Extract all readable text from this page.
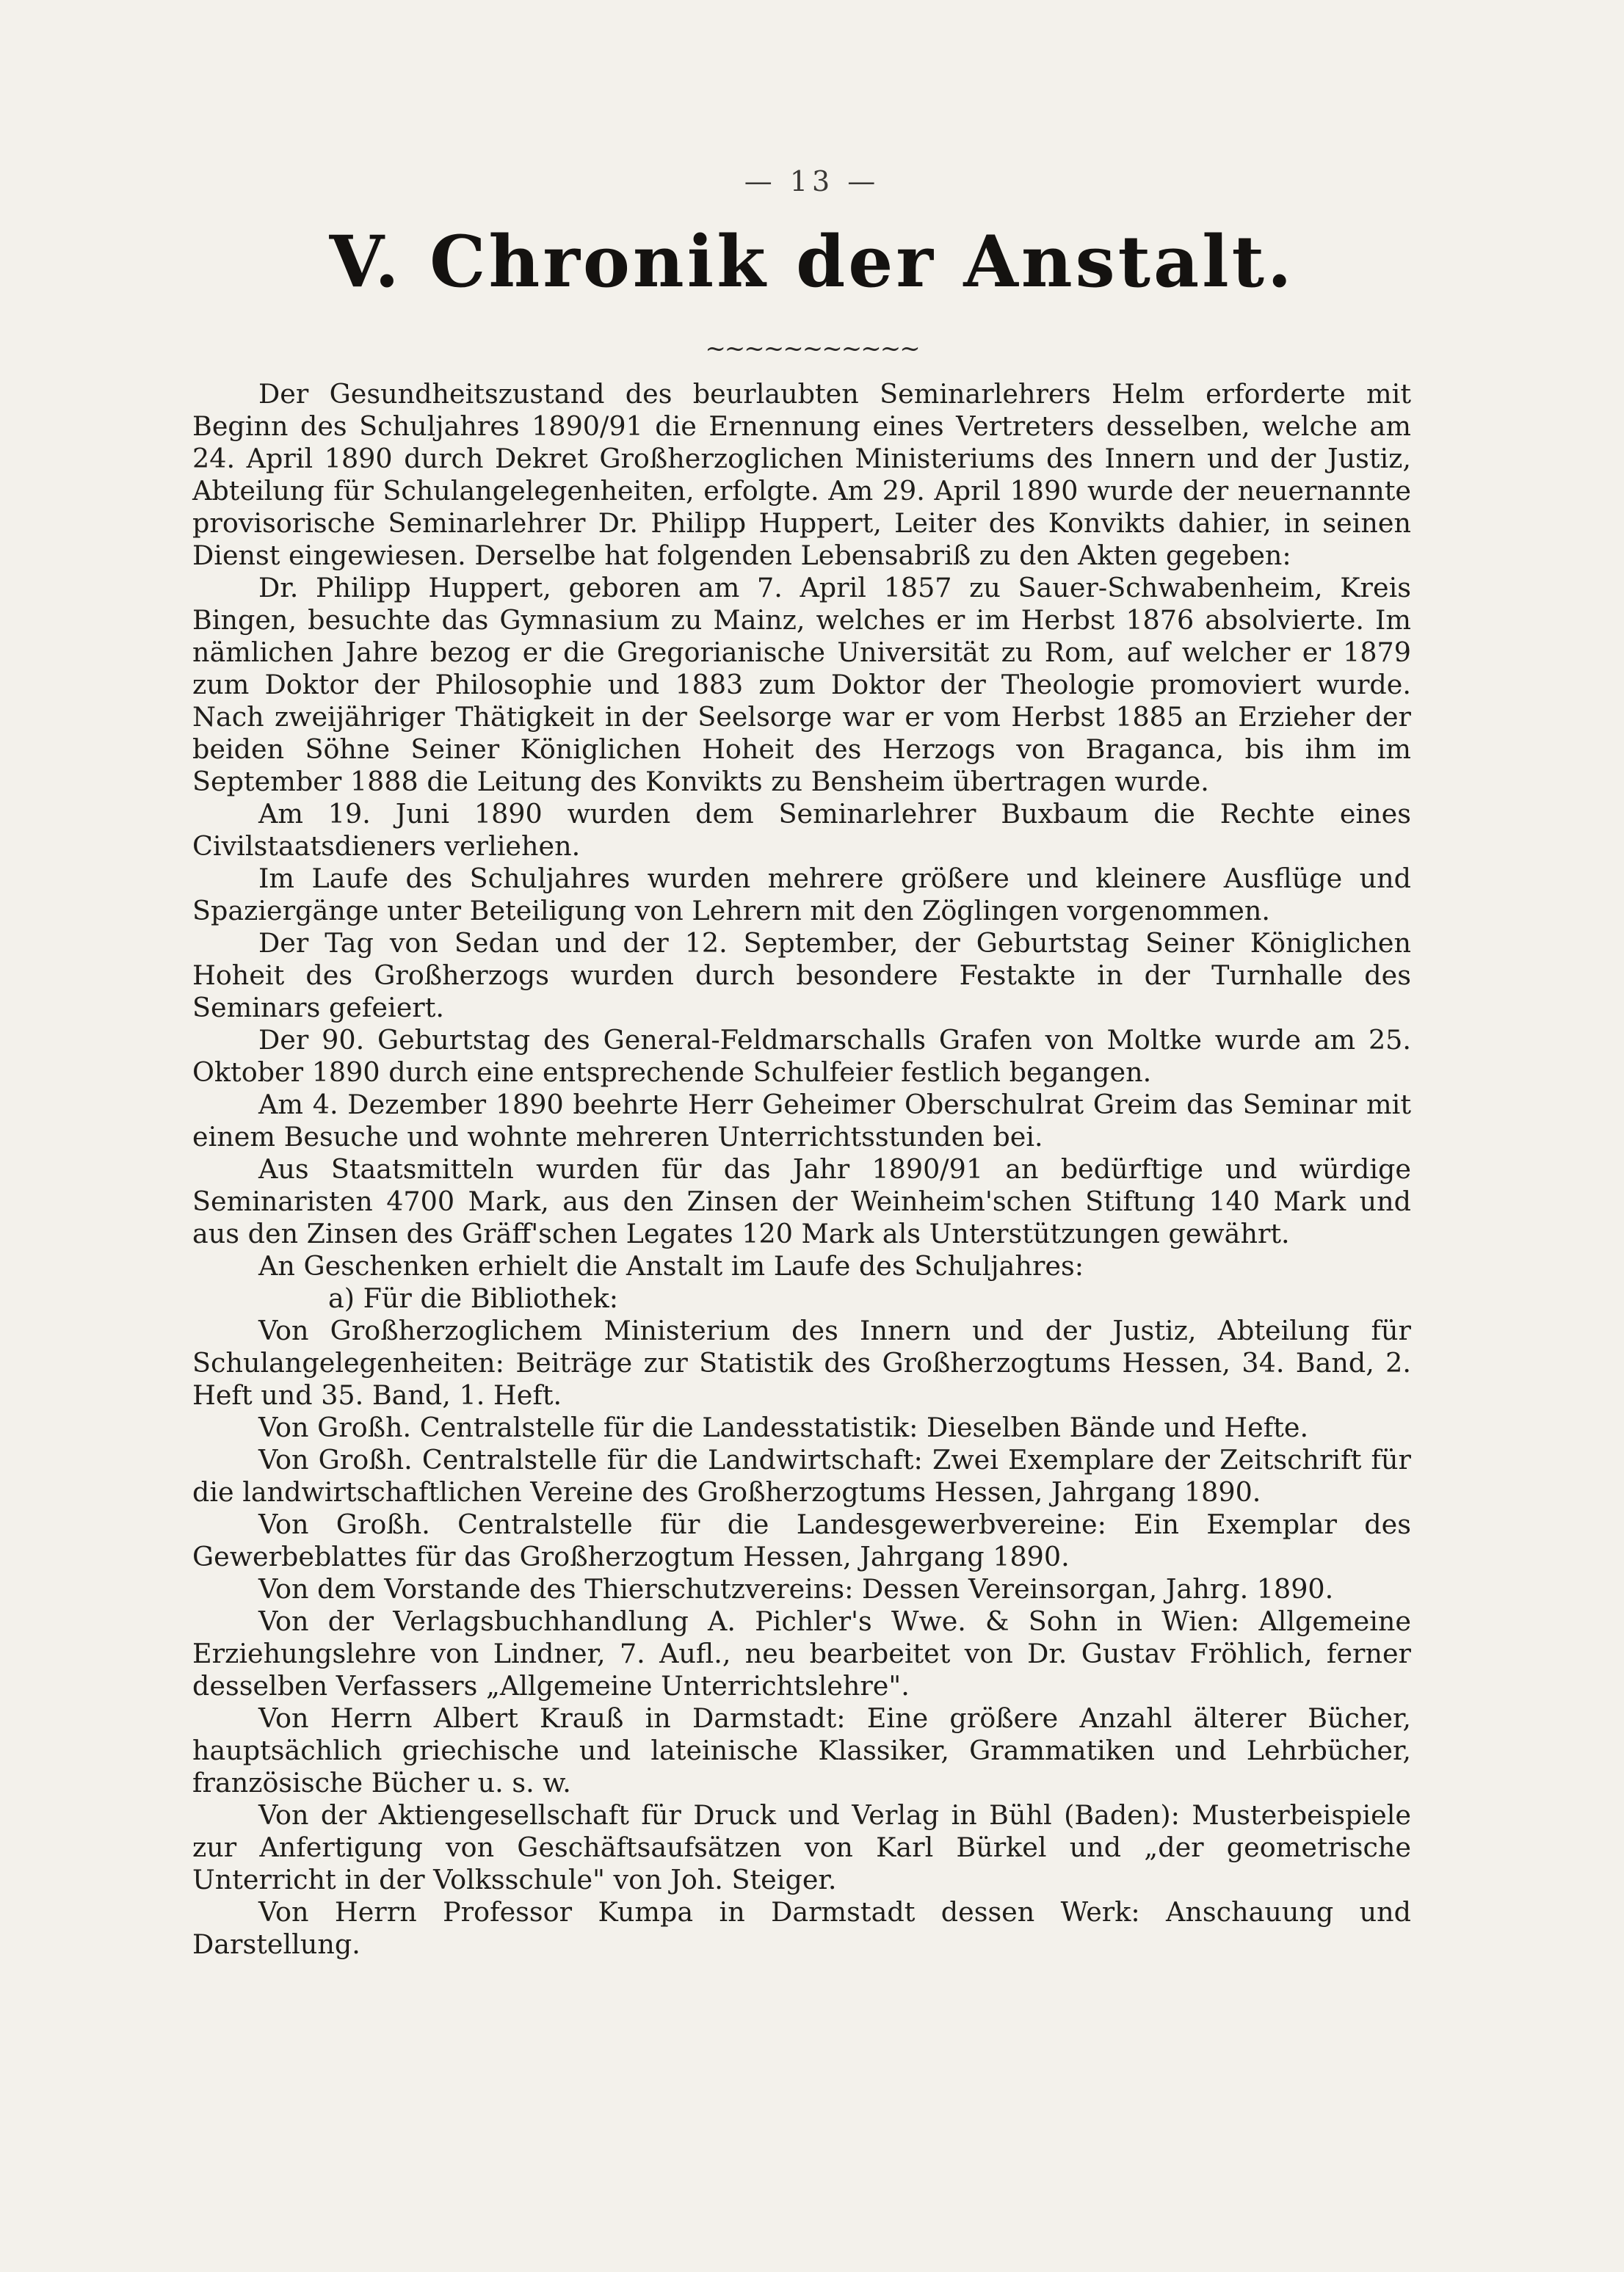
— 13 —
V. Chronik der Anstalt.
~~~~~~~~~~~

Der Gesundheitszustand des beurlaubten Seminarlehrers Helm erforderte mit Beginn des Schuljahres 1890/91 die Ernennung eines Vertreters desselben, welche am 24. April 1890 durch Dekret Großherzoglichen Ministeriums des Innern und der Justiz, Abteilung für Schulangelegenheiten, erfolgte. Am 29. April 1890 wurde der neuernannte provisorische Seminarlehrer Dr. Philipp Huppert, Leiter des Konvikts dahier, in seinen Dienst eingewiesen. Derselbe hat folgenden Lebensabriß zu den Akten gegeben:

Dr. Philipp Huppert, geboren am 7. April 1857 zu Sauer-Schwabenheim, Kreis Bingen, besuchte das Gymnasium zu Mainz, welches er im Herbst 1876 absolvierte. Im nämlichen Jahre bezog er die Gregorianische Universität zu Rom, auf welcher er 1879 zum Doktor der Philosophie und 1883 zum Doktor der Theologie promoviert wurde. Nach zweijähriger Thätigkeit in der Seelsorge war er vom Herbst 1885 an Erzieher der beiden Söhne Seiner Königlichen Hoheit des Herzogs von Braganca, bis ihm im September 1888 die Leitung des Konvikts zu Bensheim übertragen wurde.

Am 19. Juni 1890 wurden dem Seminarlehrer Buxbaum die Rechte eines Civilstaatsdieners verliehen.

Im Laufe des Schuljahres wurden mehrere größere und kleinere Ausflüge und Spaziergänge unter Beteiligung von Lehrern mit den Zöglingen vorgenommen.

Der Tag von Sedan und der 12. September, der Geburtstag Seiner Königlichen Hoheit des Großherzogs wurden durch besondere Festakte in der Turnhalle des Seminars gefeiert.

Der 90. Geburtstag des General-Feldmarschalls Grafen von Moltke wurde am 25. Oktober 1890 durch eine entsprechende Schulfeier festlich begangen.

Am 4. Dezember 1890 beehrte Herr Geheimer Oberschulrat Greim das Seminar mit einem Besuche und wohnte mehreren Unterrichtsstunden bei.

Aus Staatsmitteln wurden für das Jahr 1890/91 an bedürftige und würdige Seminaristen 4700 Mark, aus den Zinsen der Weinheim'schen Stiftung 140 Mark und aus den Zinsen des Gräff'schen Legates 120 Mark als Unterstützungen gewährt.

An Geschenken erhielt die Anstalt im Laufe des Schuljahres:

a) Für die Bibliothek:

Von Großherzoglichem Ministerium des Innern und der Justiz, Abteilung für Schulangelegenheiten: Beiträge zur Statistik des Großherzogtums Hessen, 34. Band, 2. Heft und 35. Band, 1. Heft.

Von Großh. Centralstelle für die Landesstatistik: Dieselben Bände und Hefte.

Von Großh. Centralstelle für die Landwirtschaft: Zwei Exemplare der Zeitschrift für die landwirtschaftlichen Vereine des Großherzogtums Hessen, Jahrgang 1890.

Von Großh. Centralstelle für die Landesgewerbvereine: Ein Exemplar des Gewerbeblattes für das Großherzogtum Hessen, Jahrgang 1890.

Von dem Vorstande des Thierschutzvereins: Dessen Vereinsorgan, Jahrg. 1890.

Von der Verlagsbuchhandlung A. Pichler's Wwe. & Sohn in Wien: Allgemeine Erziehungslehre von Lindner, 7. Aufl., neu bearbeitet von Dr. Gustav Fröhlich, ferner desselben Verfassers „Allgemeine Unterrichtslehre".

Von Herrn Albert Krauß in Darmstadt: Eine größere Anzahl älterer Bücher, hauptsächlich griechische und lateinische Klassiker, Grammatiken und Lehrbücher, französische Bücher u. s. w.

Von der Aktiengesellschaft für Druck und Verlag in Bühl (Baden): Musterbeispiele zur Anfertigung von Geschäftsaufsätzen von Karl Bürkel und „der geometrische Unterricht in der Volksschule" von Joh. Steiger.

Von Herrn Professor Kumpa in Darmstadt dessen Werk: Anschauung und Darstellung.
